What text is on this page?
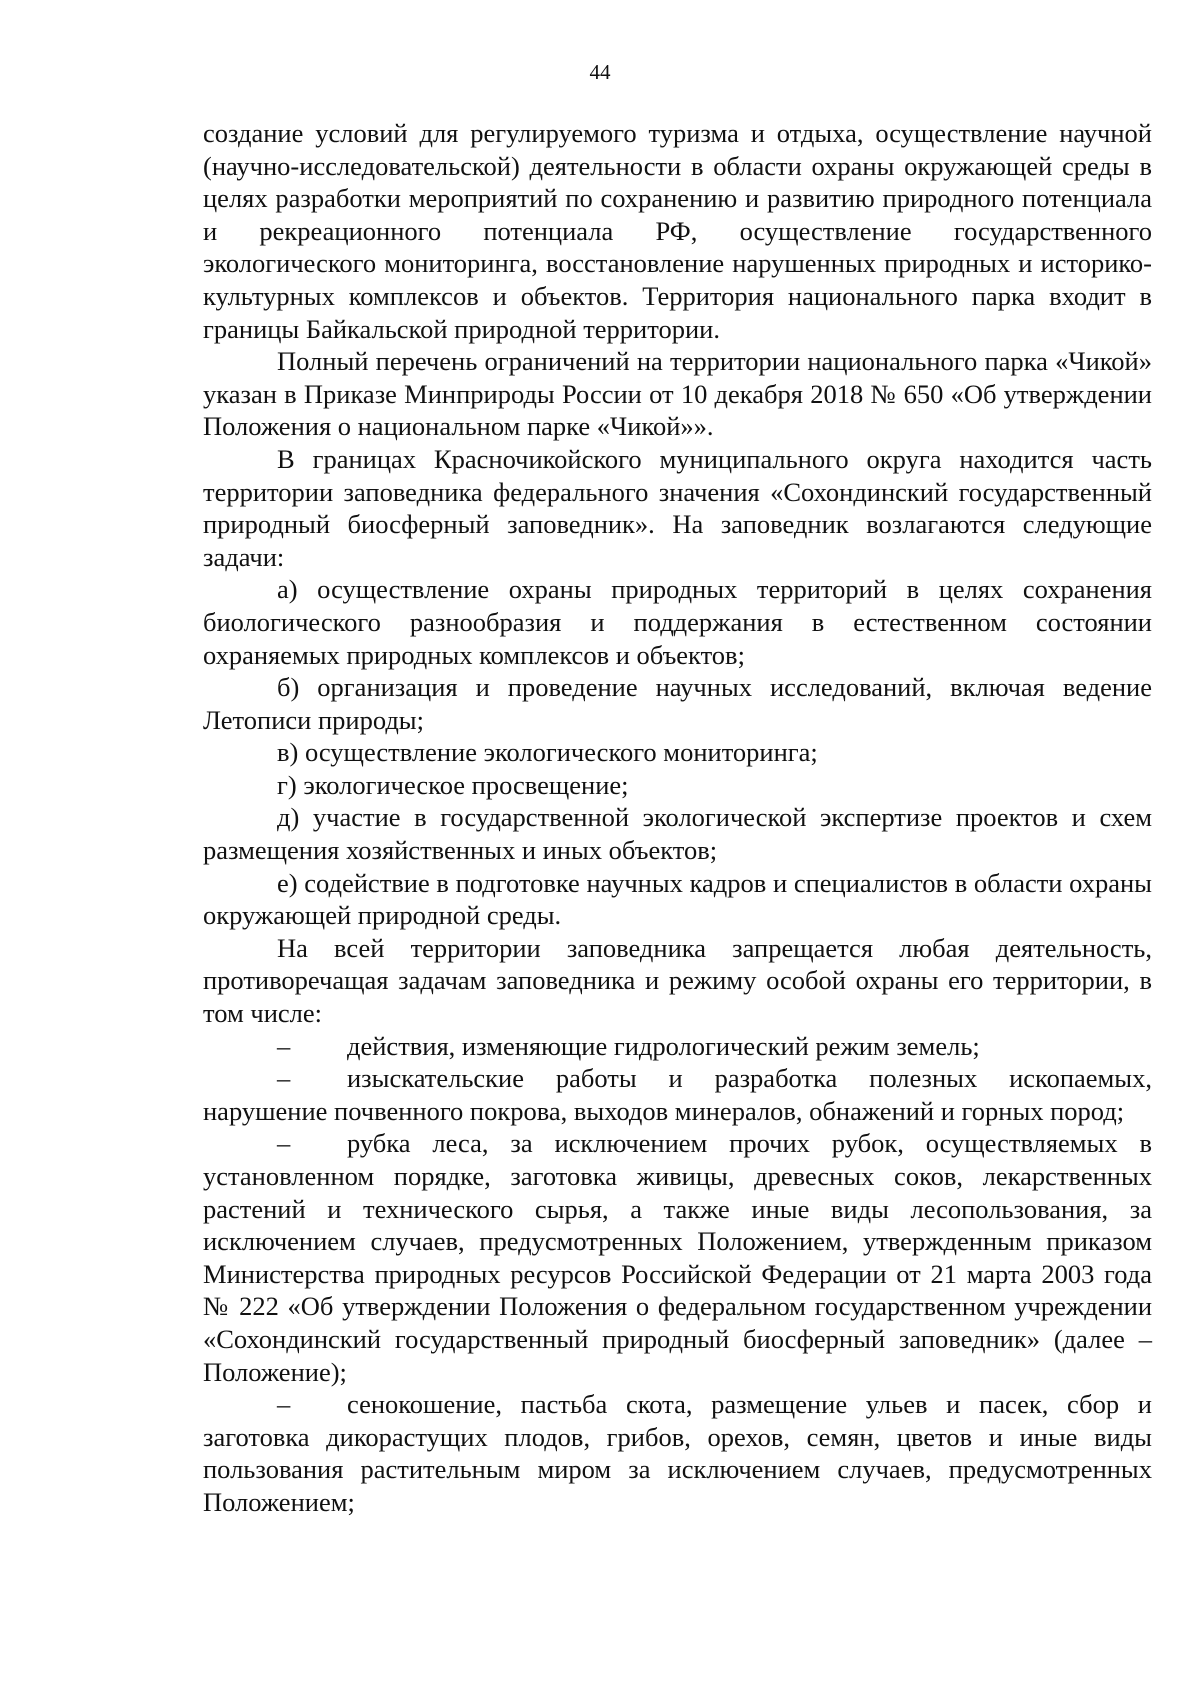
44

создание условий для регулируемого туризма и отдыха, осуществление научной (научно-исследовательской) деятельности в области охраны окружающей среды в целях разработки мероприятий по сохранению и развитию природного потенциала и рекреационного потенциала РФ, осуществление государственного экологического мониторинга, восстановление нарушенных природных и историко-культурных комплексов и объектов. Территория национального парка входит в границы Байкальской природной территории.

Полный перечень ограничений на территории национального парка «Чикой» указан в Приказе Минприроды России от 10 декабря 2018 № 650 «Об утверждении Положения о национальном парке «Чикой»».

В границах Красночикойского муниципального округа находится часть территории заповедника федерального значения «Сохондинский государственный природный биосферный заповедник». На заповедник возлагаются следующие задачи:

а) осуществление охраны природных территорий в целях сохранения биологического разнообразия и поддержания в естественном состоянии охраняемых природных комплексов и объектов;

б) организация и проведение научных исследований, включая ведение Летописи природы;

в) осуществление экологического мониторинга;

г) экологическое просвещение;

д) участие в государственной экологической экспертизе проектов и схем размещения хозяйственных и иных объектов;

е) содействие в подготовке научных кадров и специалистов в области охраны окружающей природной среды.

На всей территории заповедника запрещается любая деятельность, противоречащая задачам заповедника и режиму особой охраны его территории, в том числе:

– действия, изменяющие гидрологический режим земель;

– изыскательские работы и разработка полезных ископаемых, нарушение почвенного покрова, выходов минералов, обнажений и горных пород;

– рубка леса, за исключением прочих рубок, осуществляемых в установленном порядке, заготовка живицы, древесных соков, лекарственных растений и технического сырья, а также иные виды лесопользования, за исключением случаев, предусмотренных Положением, утвержденным приказом Министерства природных ресурсов Российской Федерации от 21 марта 2003 года № 222 «Об утверждении Положения о федеральном государственном учреждении «Сохондинский государственный природный биосферный заповедник» (далее – Положение);

– сенокошение, пастьба скота, размещение ульев и пасек, сбор и заготовка дикорастущих плодов, грибов, орехов, семян, цветов и иные виды пользования растительным миром за исключением случаев, предусмотренных Положением;
